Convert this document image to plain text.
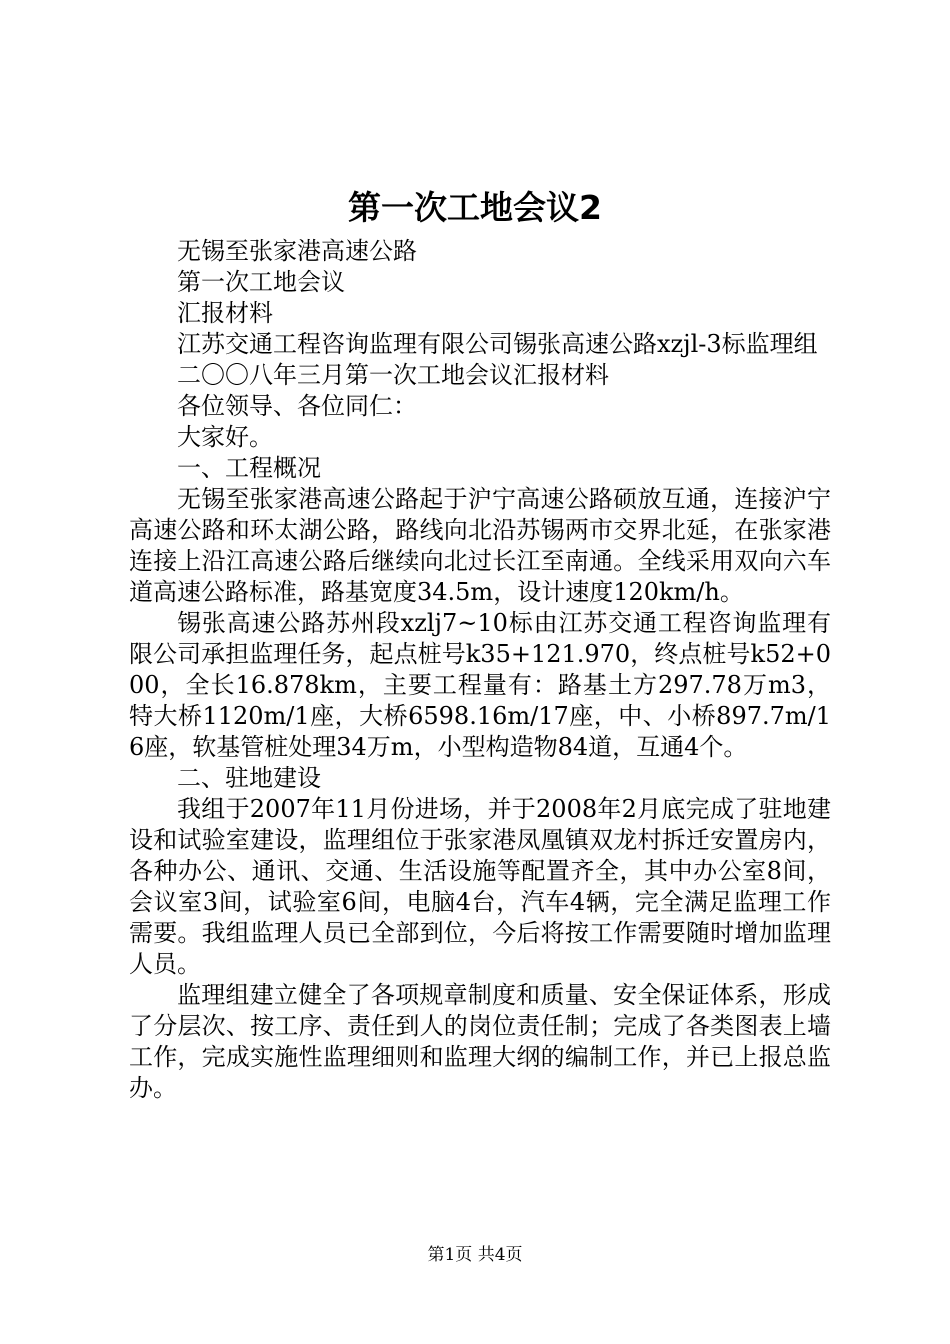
第一次工地会议2

无锡至张家港高速公路

第一次工地会议

汇报材料

江苏交通工程咨询监理有限公司锡张高速公路xzjl-3标监理组

二〇〇八年三月第一次工地会议汇报材料

各位领导、各位同仁：

大家好。

一、工程概况

无锡至张家港高速公路起于沪宁高速公路硕放互通，连接沪宁高速公路和环太湖公路，路线向北沿苏锡两市交界北延，在张家港连接上沿江高速公路后继续向北过长江至南通。全线采用双向六车道高速公路标准，路基宽度34.5m，设计速度120km/h。

锡张高速公路苏州段xzlj7~10标由江苏交通工程咨询监理有限公司承担监理任务，起点桩号k35+121.970，终点桩号k52+000，全长16.878km，主要工程量有：路基土方297.78万m3，特大桥1120m/1座，大桥6598.16m/17座，中、小桥897.7m/16座，软基管桩处理34万m，小型构造物84道，互通4个。

二、驻地建设

我组于2007年11月份进场，并于2008年2月底完成了驻地建设和试验室建设，监理组位于张家港凤凰镇双龙村拆迁安置房内，各种办公、通讯、交通、生活设施等配置齐全，其中办公室8间，会议室3间，试验室6间，电脑4台，汽车4辆，完全满足监理工作需要。我组监理人员已全部到位，今后将按工作需要随时增加监理人员。

监理组建立健全了各项规章制度和质量、安全保证体系，形成了分层次、按工序、责任到人的岗位责任制；完成了各类图表上墙工作，完成实施性监理细则和监理大纲的编制工作，并已上报总监办。

第1页 共4页
